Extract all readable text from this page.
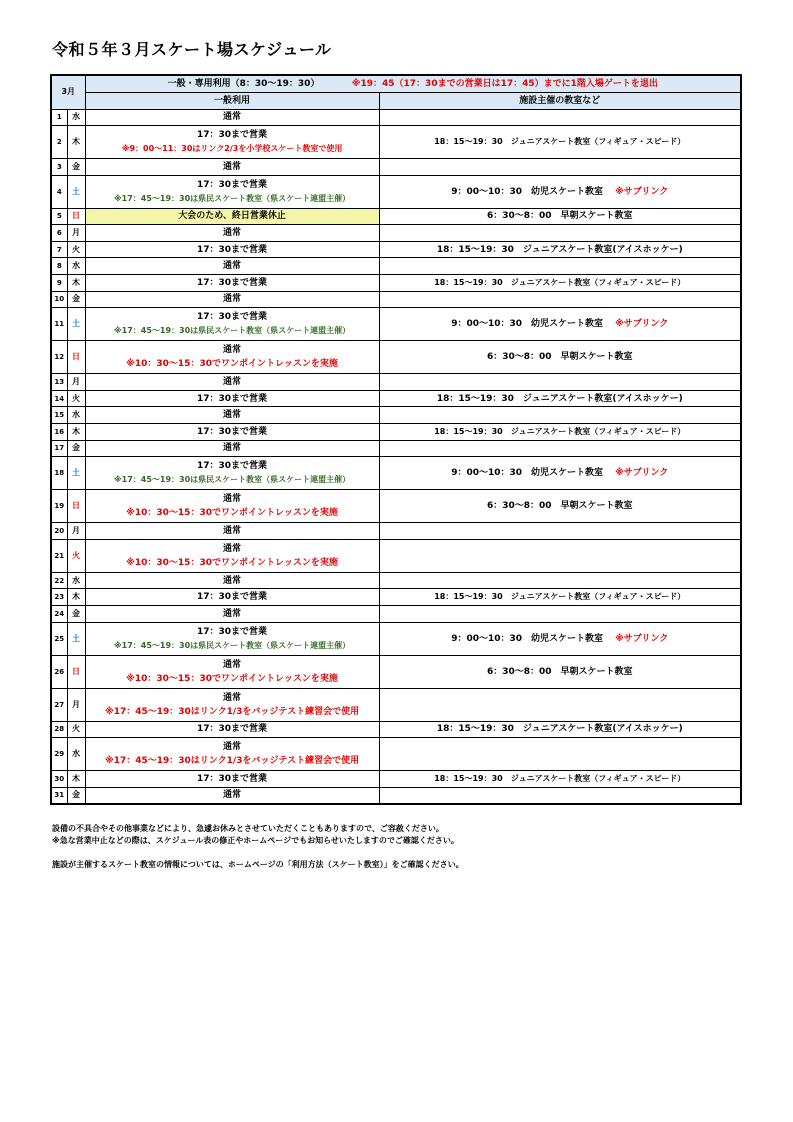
令和５年３月スケート場スケジュール
3月		一般・専用利用（8：30～19：30） ※19：45（17：30までの営業日は17：45）までに1階入場ゲートを退出	
		一般利用	施設主催の教室など
1	水	通常	

2	木	17：30まで営業
※9：00～11：30はリンク2/3を小学校スケート教室で使用	18：15～19：30　ジュニアスケート教室（フィギュア・スピード）
3	金	通常	

4	土	17：30まで営業
※17：45～19：30は県民スケート教室（県スケート連盟主催）	9：00～10：30　幼児スケート教室 ※サブリンク
5	日	大会のため、終日営業休止	6：30～8：00　早朝スケート教室
6	月	通常	

7	火	17：30まで営業	18：15～19：30　ジュニアスケート教室(アイスホッケー)
8	水	通常	

9	木	17：30まで営業	18：15～19：30　ジュニアスケート教室（フィギュア・スピード）
10	金	通常	

11	土	17：30まで営業
※17：45～19：30は県民スケート教室（県スケート連盟主催）	9：00～10：30　幼児スケート教室 ※サブリンク
12	日	通常
※10：30～15：30でワンポイントレッスンを実施	6：30～8：00　早朝スケート教室
13	月	通常	

14	火	17：30まで営業	18：15～19：30　ジュニアスケート教室(アイスホッケー)
15	水	通常	

16	木	17：30まで営業	18：15～19：30　ジュニアスケート教室（フィギュア・スピード）
17	金	通常	

18	土	17：30まで営業
※17：45～19：30は県民スケート教室（県スケート連盟主催）	9：00～10：30　幼児スケート教室 ※サブリンク
19	日	通常
※10：30～15：30でワンポイントレッスンを実施	6：30～8：00　早朝スケート教室
20	月	通常	

21	火	通常
※10：30～15：30でワンポイントレッスンを実施	

22	水	通常	

23	木	17：30まで営業	18：15～19：30　ジュニアスケート教室（フィギュア・スピード）
24	金	通常	

25	土	17：30まで営業
※17：45～19：30は県民スケート教室（県スケート連盟主催）	9：00～10：30　幼児スケート教室 ※サブリンク
26	日	通常
※10：30～15：30でワンポイントレッスンを実施	6：30～8：00　早朝スケート教室
27	月	通常
※17：45～19：30はリンク1/3をバッジテスト練習会で使用	

28	火	17：30まで営業	18：15～19：30　ジュニアスケート教室(アイスホッケー)
29	水	通常
※17：45～19：30はリンク1/3をバッジテスト練習会で使用	

30	木	17：30まで営業	18：15～19：30　ジュニアスケート教室（フィギュア・スピード）
31	金	通常	

設備の不具合やその他事業などにより、急遽お休みとさせていただくこともありますので、ご容赦ください。
※急な営業中止などの際は、スケジュール表の修正やホームページでもお知らせいたしますのでご確認ください。
施設が主催するスケート教室の情報については、ホームページの「利用方法（スケート教室）」をご確認ください。
